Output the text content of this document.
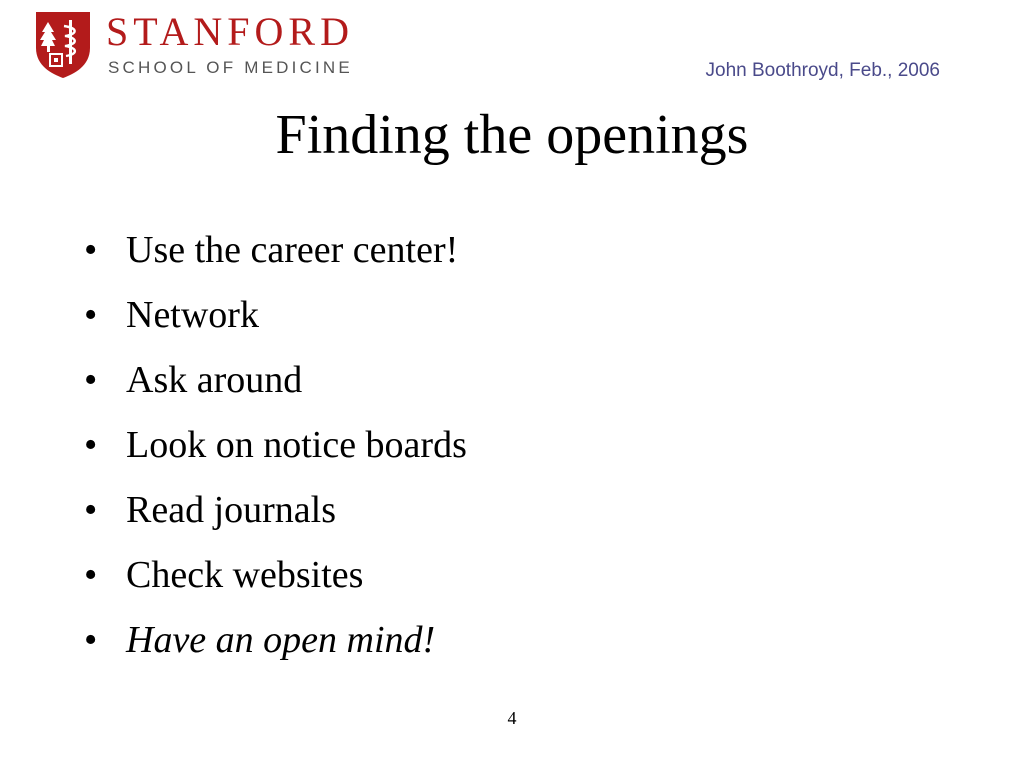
STANFORD
SCHOOL OF MEDICINE	John Boothroyd, Feb., 2006
Finding the openings
• Use the career center!
• Network
• Ask around
• Look on notice boards
• Read journals
• Check websites
• Have an open mind!
4
